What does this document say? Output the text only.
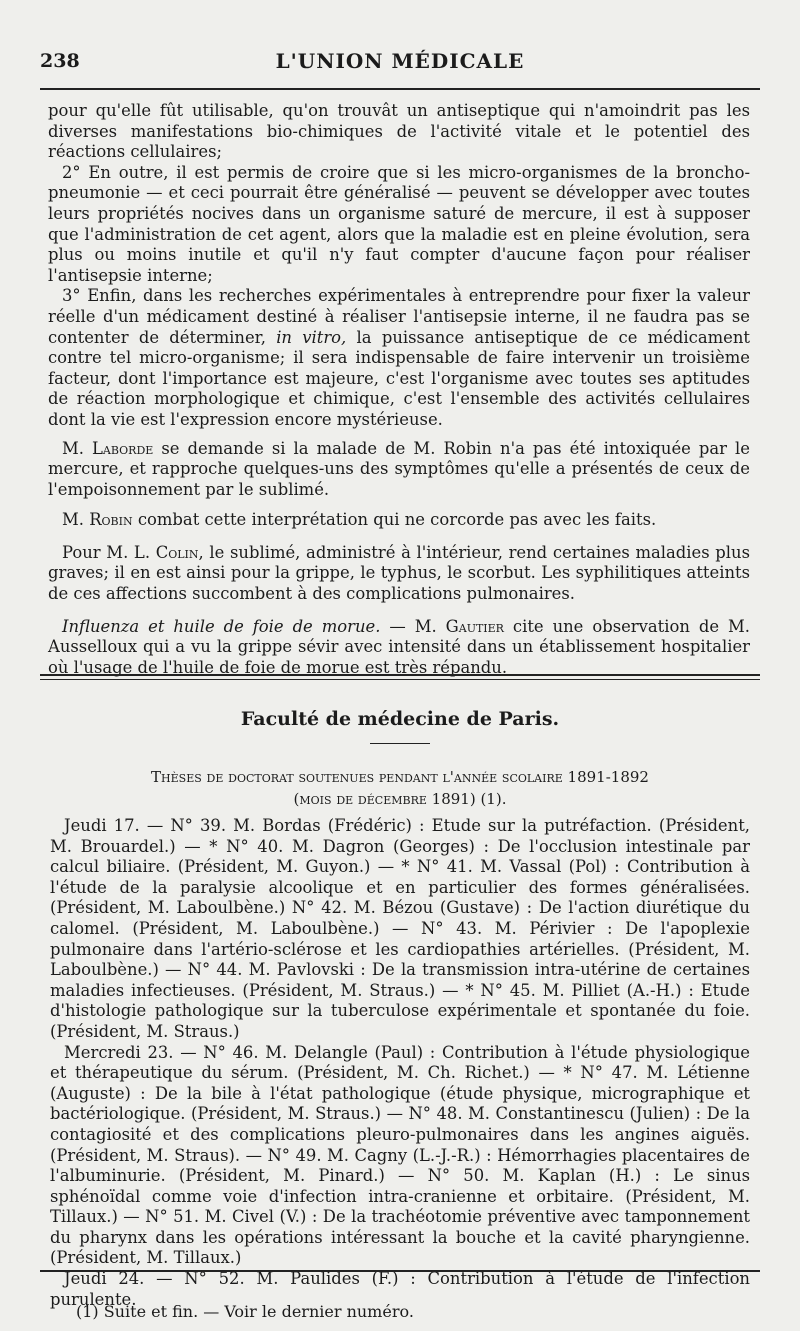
238	L'UNION MÉDICALE

pour qu'elle fût utilisable, qu'on trouvât un antiseptique qui n'amoindrit pas les diverses manifestations bio-chimiques de l'activité vitale et le potentiel des réactions cellulaires;

2° En outre, il est permis de croire que si les micro-organismes de la broncho-pneumonie — et ceci pourrait être généralisé — peuvent se développer avec toutes leurs propriétés nocives dans un organisme saturé de mercure, il est à supposer que l'administration de cet agent, alors que la maladie est en pleine évolution, sera plus ou moins inutile et qu'il n'y faut compter d'aucune façon pour réaliser l'antisepsie interne;

3° Enfin, dans les recherches expérimentales à entreprendre pour fixer la valeur réelle d'un médicament destiné à réaliser l'antisepsie interne, il ne faudra pas se contenter de déterminer, in vitro, la puissance antiseptique de ce médicament contre tel micro-organisme; il sera indispensable de faire intervenir un troisième facteur, dont l'importance est majeure, c'est l'organisme avec toutes ses aptitudes de réaction morphologique et chimique, c'est l'ensemble des activités cellulaires dont la vie est l'expression encore mystérieuse.

M. Laborde se demande si la malade de M. Robin n'a pas été intoxiquée par le mercure, et rapproche quelques-uns des symptômes qu'elle a présentés de ceux de l'empoisonnement par le sublimé.

M. Robin combat cette interprétation qui ne corcorde pas avec les faits.

Pour M. L. Colin, le sublimé, administré à l'intérieur, rend certaines maladies plus graves; il en est ainsi pour la grippe, le typhus, le scorbut. Les syphilitiques atteints de ces affections succombent à des complications pulmonaires.

Influenza et huile de foie de morue. — M. Gautier cite une observation de M. Ausselloux qui a vu la grippe sévir avec intensité dans un établissement hospitalier où l'usage de l'huile de foie de morue est très répandu.

Faculté de médecine de Paris.
Thèses de doctorat soutenues pendant l'année scolaire 1891-1892
(mois de décembre 1891) (1).

Jeudi 17. — N° 39. M. Bordas (Frédéric) : Etude sur la putréfaction. (Président, M. Brouardel.) — * N° 40. M. Dagron (Georges) : De l'occlusion intestinale par calcul biliaire. (Président, M. Guyon.) — * N° 41. M. Vassal (Pol) : Contribution à l'étude de la paralysie alcoolique et en particulier des formes généralisées. (Président, M. Laboulbène.) N° 42. M. Bézou (Gustave) : De l'action diurétique du calomel. (Président, M. Laboulbène.) — N° 43. M. Périvier : De l'apoplexie pulmonaire dans l'artério-sclérose et les cardiopathies artérielles. (Président, M. Laboulbène.) — N° 44. M. Pavlovski : De la transmission intra-utérine de certaines maladies infectieuses. (Président, M. Straus.) — * N° 45. M. Pilliet (A.-H.) : Etude d'histologie pathologique sur la tuberculose expérimentale et spontanée du foie. (Président, M. Straus.)

Mercredi 23. — N° 46. M. Delangle (Paul) : Contribution à l'étude physiologique et thérapeutique du sérum. (Président, M. Ch. Richet.) — * N° 47. M. Létienne (Auguste) : De la bile à l'état pathologique (étude physique, micrographique et bactériologique. (Président, M. Straus.) — N° 48. M. Constantinescu (Julien) : De la contagiosité et des complications pleuro-pulmonaires dans les angines aiguës. (Président, M. Straus). — N° 49. M. Cagny (L.-J.-R.) : Hémorrhagies placentaires de l'albuminurie. (Président, M. Pinard.) — N° 50. M. Kaplan (H.) : Le sinus sphénoïdal comme voie d'infection intra-cranienne et orbitaire. (Président, M. Tillaux.) — N° 51. M. Civel (V.) : De la trachéotomie préventive avec tamponnement du pharynx dans les opérations intéressant la bouche et la cavité pharyngienne. (Président, M. Tillaux.)

Jeudi 24. — N° 52. M. Paulides (F.) : Contribution à l'étude de l'infection purulente.

(1) Suite et fin. — Voir le dernier numéro.
